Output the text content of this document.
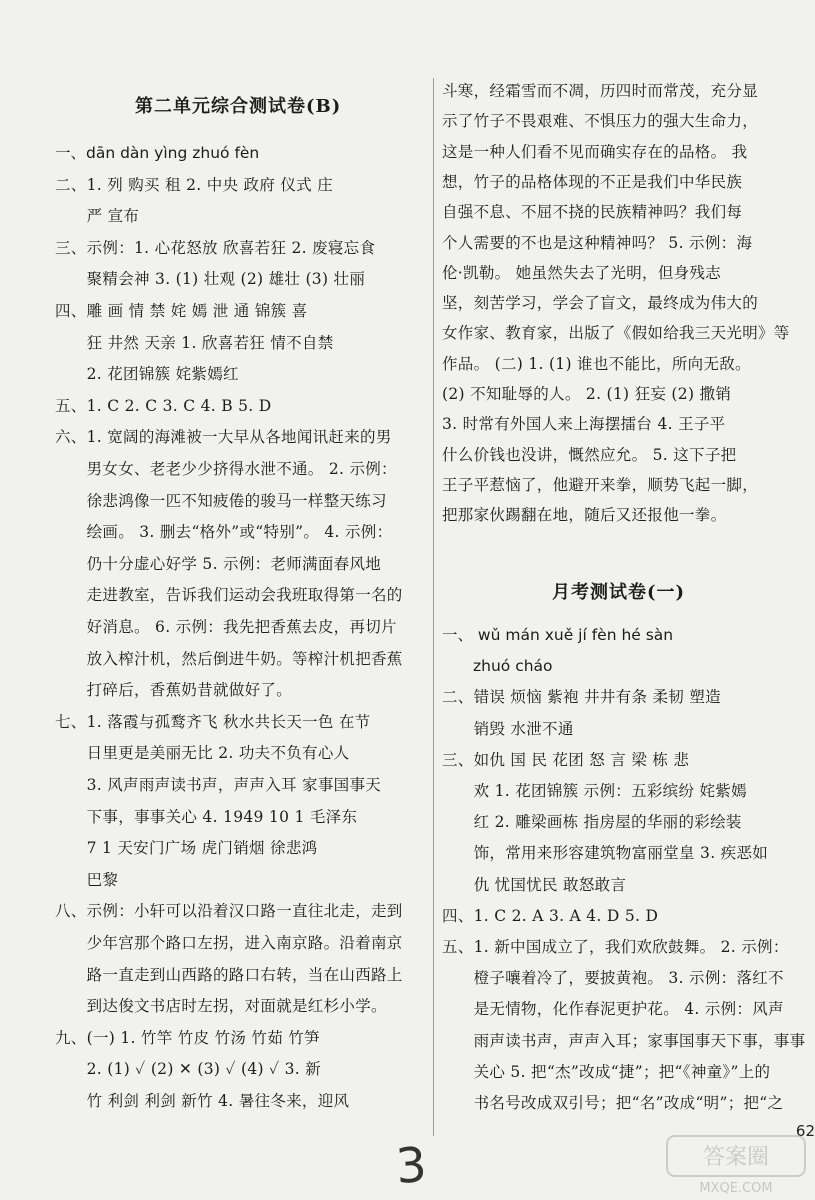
第二单元综合测试卷(B)
一、dān dàn yìng zhuó fèn
二、1. 列 购买 租 2. 中央 政府 仪式 庄
　　严 宣布
三、示例：1. 心花怒放 欣喜若狂 2. 废寝忘食
　　聚精会神 3. (1) 壮观 (2) 雄壮 (3) 壮丽
四、雕 画 情 禁 姹 嫣 泄 通 锦簇 喜
　　狂 井然 天亲 1. 欣喜若狂 情不自禁
　　2. 花团锦簇 姹紫嫣红
五、1. C 2. C 3. C 4. B 5. D
六、1. 宽阔的海滩被一大早从各地闻讯赶来的男
　　男女女、老老少少挤得水泄不通。 2. 示例：
　　徐悲鸿像一匹不知疲倦的骏马一样整天练习
　　绘画。 3. 删去“格外”或“特别”。 4. 示例：
　　仍十分虚心好学 5. 示例：老师满面春风地
　　走进教室，告诉我们运动会我班取得第一名的
　　好消息。 6. 示例：我先把香蕉去皮，再切片
　　放入榨汁机，然后倒进牛奶。等榨汁机把香蕉
　　打碎后，香蕉奶昔就做好了。
七、1. 落霞与孤鹜齐飞 秋水共长天一色 在节
　　日里更是美丽无比 2. 功夫不负有心人
　　3. 风声雨声读书声，声声入耳 家事国事天
　　下事，事事关心 4. 1949 10 1 毛泽东
　　7 1 天安门广场 虎门销烟 徐悲鸿
　　巴黎
八、示例：小轩可以沿着汉口路一直往北走，走到
　　少年宫那个路口左拐，进入南京路。沿着南京
　　路一直走到山西路的路口右转，当在山西路上
　　到达俊文书店时左拐，对面就是红杉小学。
九、(一) 1. 竹竿 竹皮 竹汤 竹茹 竹笋
　　2. (1) ✓ (2) ✕ (3) ✓ (4) ✓ 3. 新
　　竹 利剑 利剑 新竹 4. 暑往冬来，迎风
月考测试卷(一)
斗寒，经霜雪而不凋，历四时而常茂，充分显
示了竹子不畏艰难、不惧压力的强大生命力，
这是一种人们看不见而确实存在的品格。 我
想，竹子的品格体现的不正是我们中华民族
自强不息、不屈不挠的民族精神吗？我们每
个人需要的不也是这种精神吗？ 5. 示例：海
伦·凯勒。 她虽然失去了光明，但身残志
坚，刻苦学习，学会了盲文，最终成为伟大的
女作家、教育家，出版了《假如给我三天光明》等
作品。 (二) 1. (1) 谁也不能比，所向无敌。
(2) 不知耻辱的人。 2. (1) 狂妄 (2) 撒销
3. 时常有外国人来上海摆擂台 4. 王子平
什么价钱也没讲，慨然应允。 5. 这下子把
王子平惹恼了，他避开来拳，顺势飞起一脚，
把那家伙踢翻在地，随后又还报他一拳。
一、 wǔ mán xuě jí fèn hé sàn
　　zhuó cháo
二、错误 烦恼 紫袍 井井有条 柔韧 塑造
　　销毁 水泄不通
三、如仇 国 民 花团 怒 言 梁 栋 悲
　　欢 1. 花团锦簇 示例：五彩缤纷 姹紫嫣
　　红 2. 雕梁画栋 指房屋的华丽的彩绘装
　　饰，常用来形容建筑物富丽堂皇 3. 疾恶如
　　仇 忧国忧民 敢怒敢言
四、1. C 2. A 3. A 4. D 5. D
五、1. 新中国成立了，我们欢欣鼓舞。 2. 示例：
　　橙子嚷着冷了，要披黄袍。 3. 示例：落红不
　　是无情物，化作春泥更护花。 4. 示例：风声
　　雨声读书声，声声入耳；家事国事天下事，事事
　　关心 5. 把“杰”改成“捷”；把“《神童》”上的
　　书名号改成双引号；把“名”改成“明”；把“之
62
3	答案圈
MXQE.COM
